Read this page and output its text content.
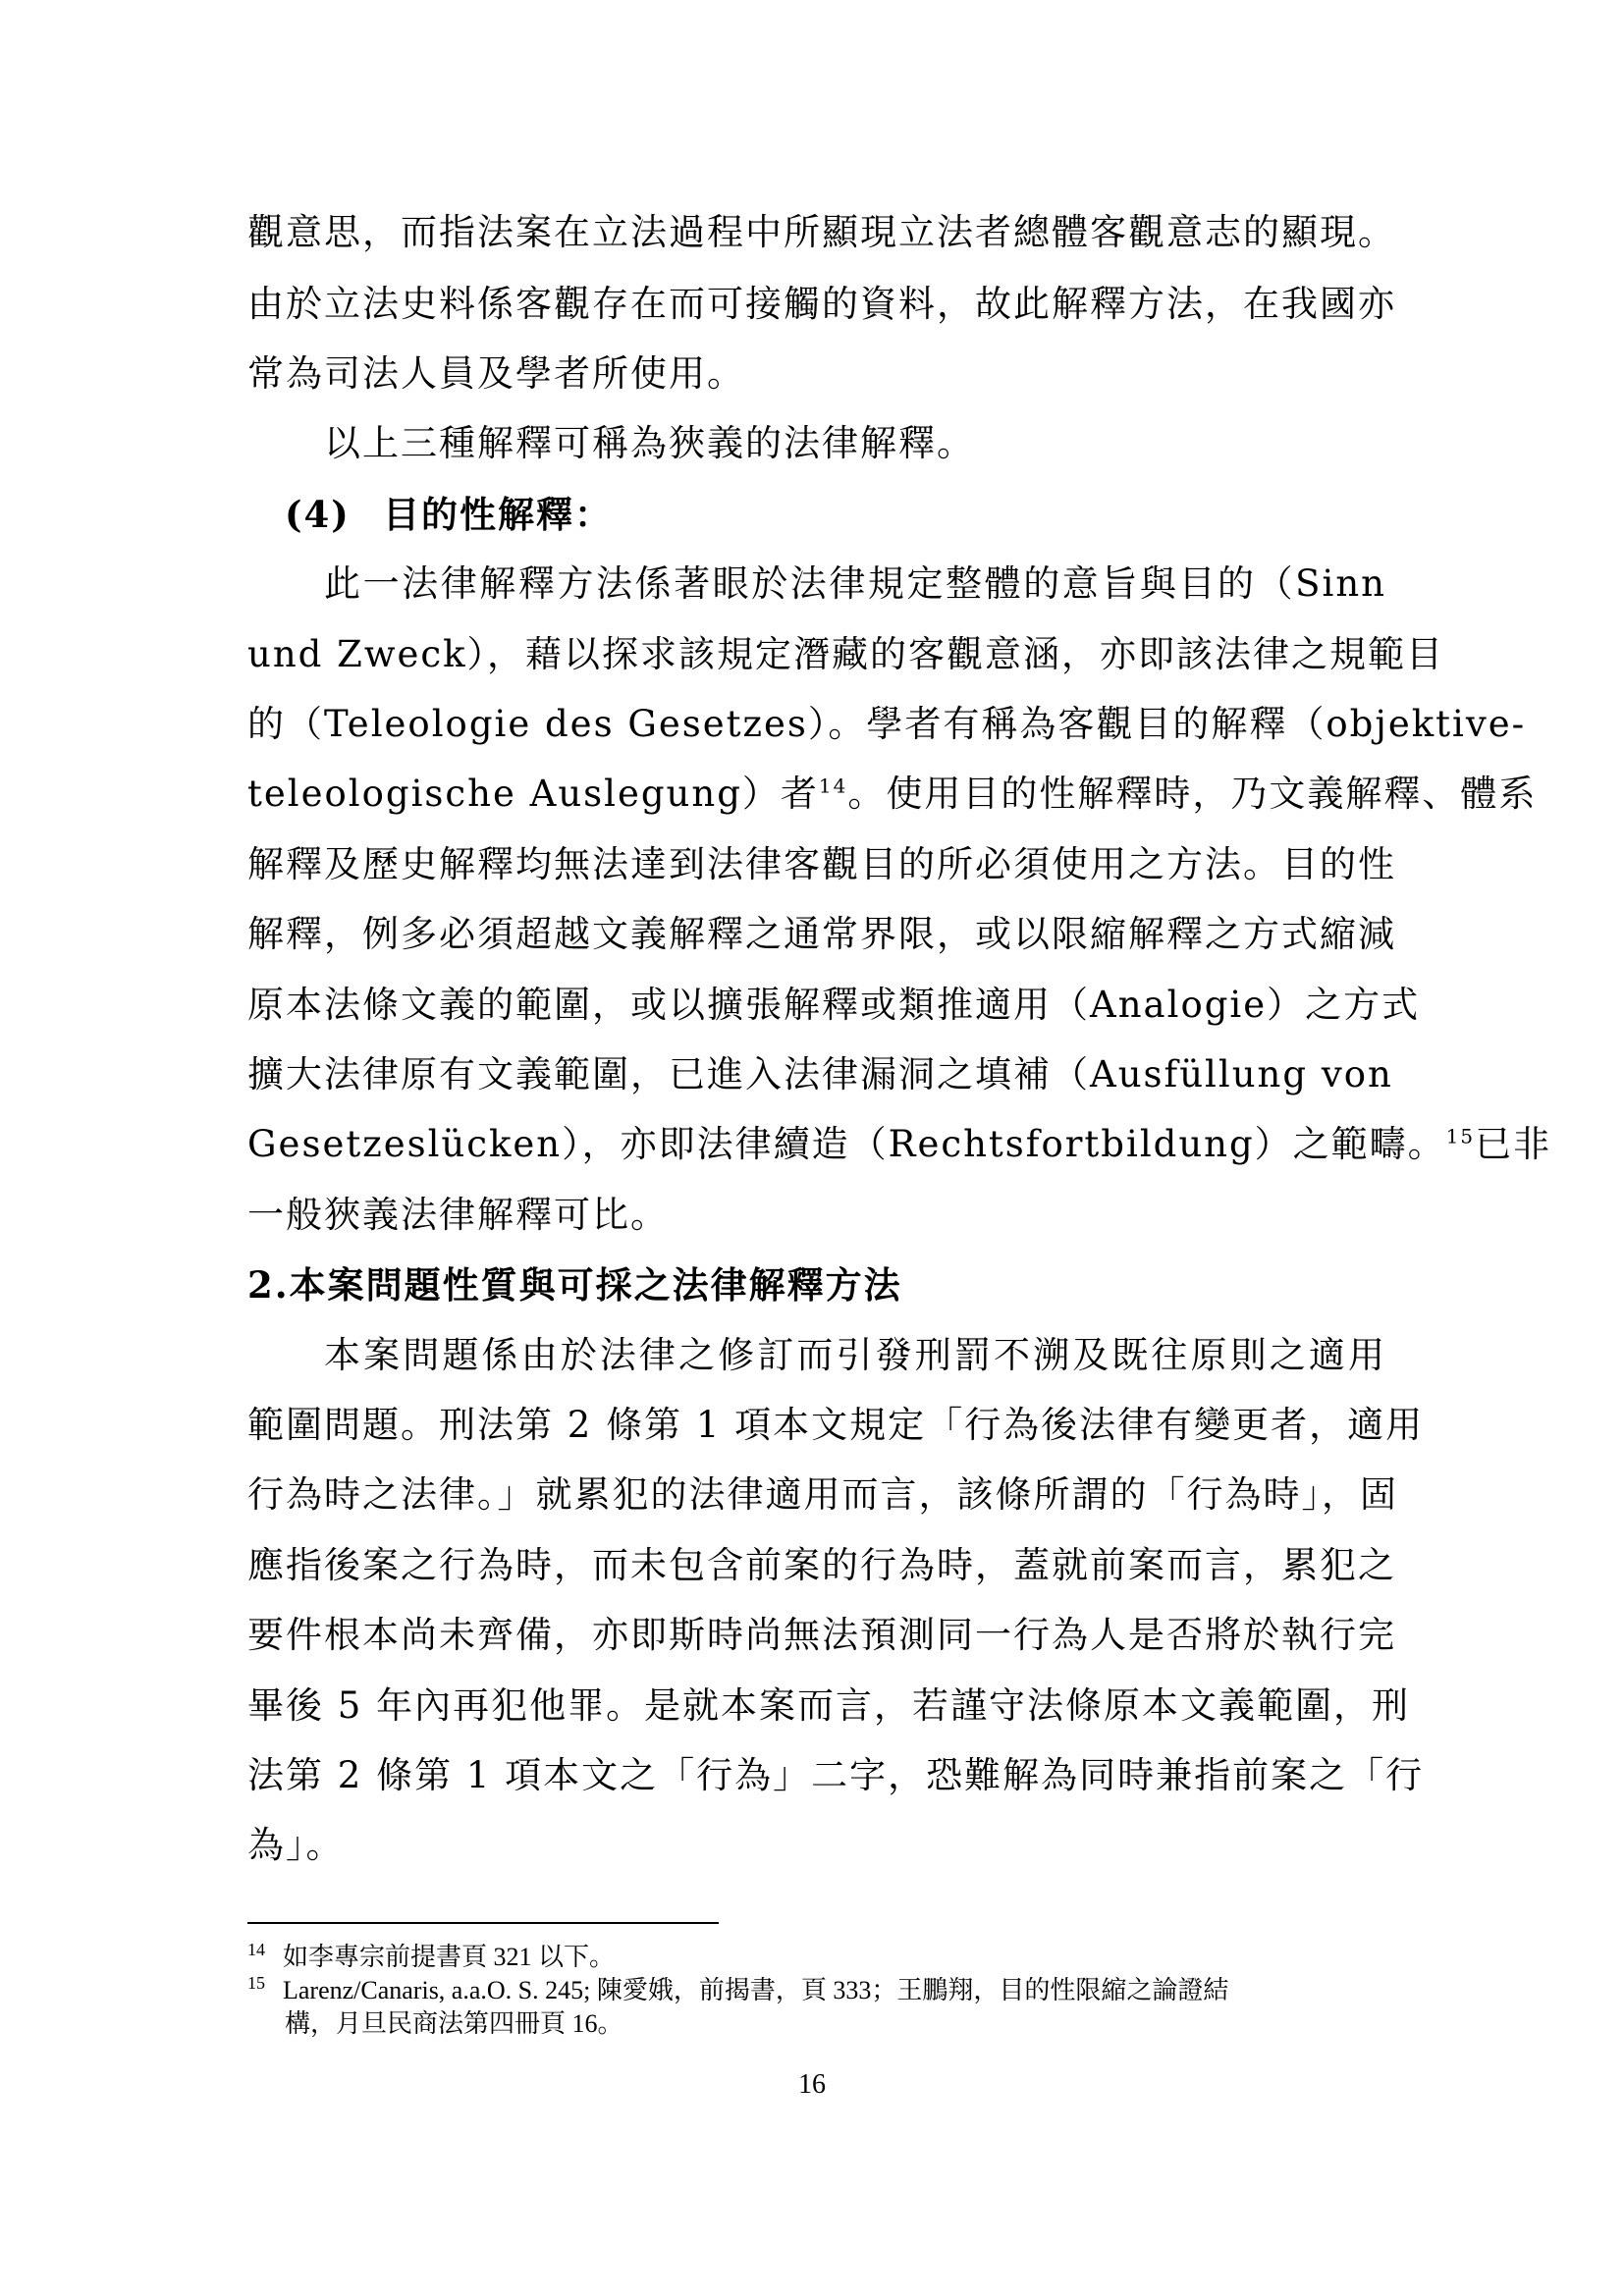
觀意思，而指法案在立法過程中所顯現立法者總體客觀意志的顯現。
由於立法史料係客觀存在而可接觸的資料，故此解釋方法，在我國亦
常為司法人員及學者所使用。
以上三種解釋可稱為狹義的法律解釋。
(4) 目的性解釋：
此一法律解釋方法係著眼於法律規定整體的意旨與目的（Sinn
und Zweck），藉以探求該規定潛藏的客觀意涵，亦即該法律之規範目
的（Teleologie des Gesetzes）。學者有稱為客觀目的解釋（objektive-
teleologische Auslegung）者$^{14}$。使用目的性解釋時，乃文義解釋、體系
解釋及歷史解釋均無法達到法律客觀目的所必須使用之方法。目的性
解釋，例多必須超越文義解釋之通常界限，或以限縮解釋之方式縮減
原本法條文義的範圍，或以擴張解釋或類推適用（Analogie）之方式
擴大法律原有文義範圍，已進入法律漏洞之填補（Ausfüllung von
Gesetzeslücken），亦即法律續造（Rechtsfortbildung）之範疇。$^{15}$已非
一般狹義法律解釋可比。
2.本案問題性質與可採之法律解釋方法
本案問題係由於法律之修訂而引發刑罰不溯及既往原則之適用
範圍問題。刑法第 2 條第 1 項本文規定「行為後法律有變更者，適用
行為時之法律。」就累犯的法律適用而言，該條所謂的「行為時」，固
應指後案之行為時，而未包含前案的行為時，蓋就前案而言，累犯之
要件根本尚未齊備，亦即斯時尚無法預測同一行為人是否將於執行完
畢後 5 年內再犯他罪。是就本案而言，若謹守法條原本文義範圍，刑
法第 2 條第 1 項本文之「行為」二字，恐難解為同時兼指前案之「行
為」。
14 如李專宗前提書頁 321 以下。
15 Larenz/Canaris, a.a.O. S. 245; 陳愛娥，前揭書，頁 333；王鵬翔，目的性限縮之論證結
構，月旦民商法第四冊頁 16。
16
